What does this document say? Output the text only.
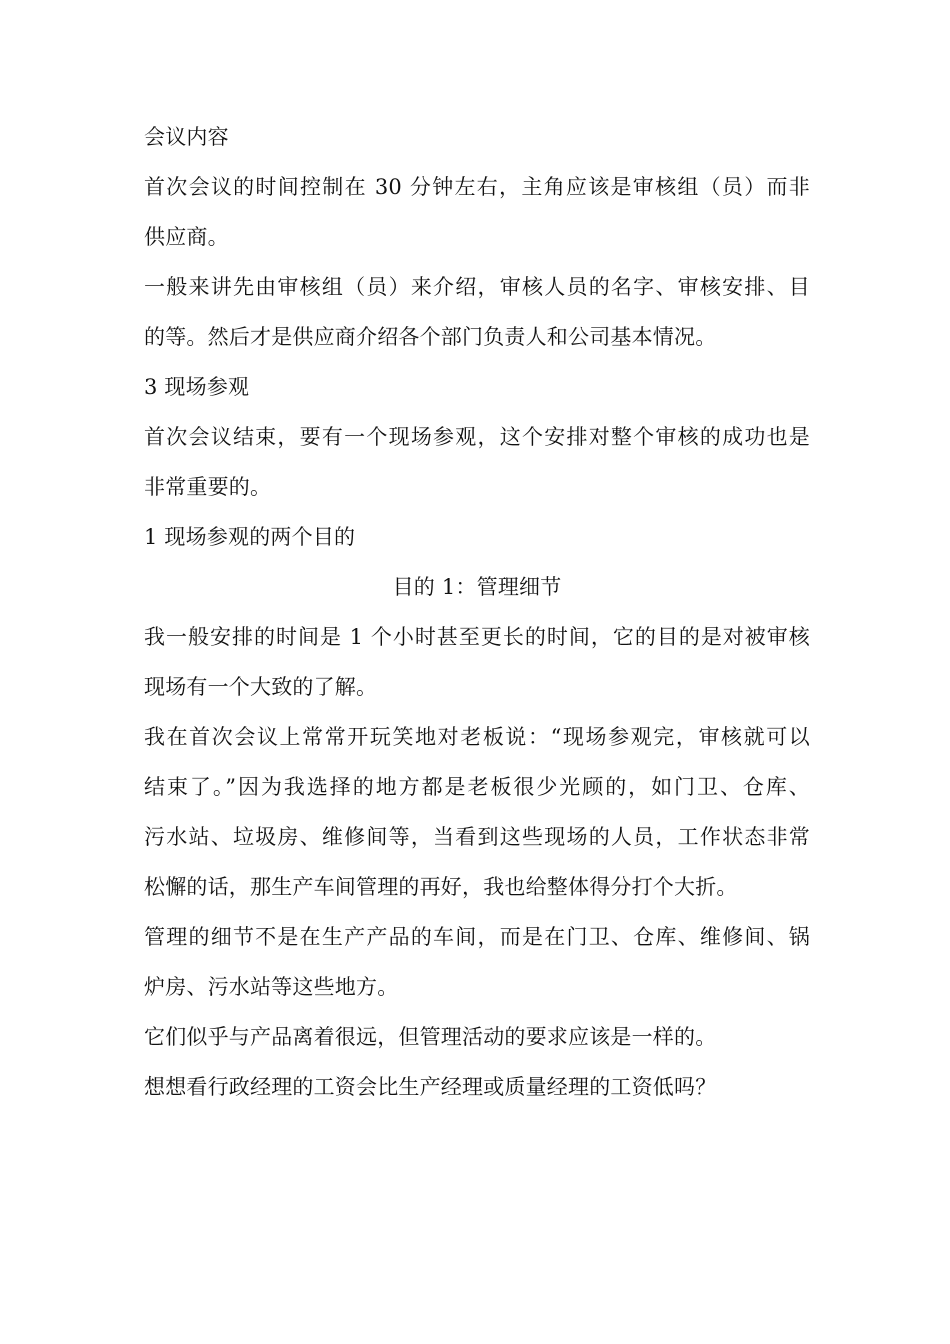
会议内容
首次会议的时间控制在 30 分钟左右，主角应该是审核组（员）而非
供应商。
一般来讲先由审核组（员）来介绍，审核人员的名字、审核安排、目
的等。然后才是供应商介绍各个部门负责人和公司基本情况。
3 现场参观
首次会议结束，要有一个现场参观，这个安排对整个审核的成功也是
非常重要的。
1 现场参观的两个目的
目的 1：管理细节
我一般安排的时间是 1 个小时甚至更长的时间，它的目的是对被审核
现场有一个大致的了解。
我在首次会议上常常开玩笑地对老板说：“现场参观完，审核就可以
结束了。”因为我选择的地方都是老板很少光顾的，如门卫、仓库、
污水站、垃圾房、维修间等，当看到这些现场的人员，工作状态非常
松懈的话，那生产车间管理的再好，我也给整体得分打个大折。
管理的细节不是在生产产品的车间，而是在门卫、仓库、维修间、锅
炉房、污水站等这些地方。
它们似乎与产品离着很远，但管理活动的要求应该是一样的。
想想看行政经理的工资会比生产经理或质量经理的工资低吗？
